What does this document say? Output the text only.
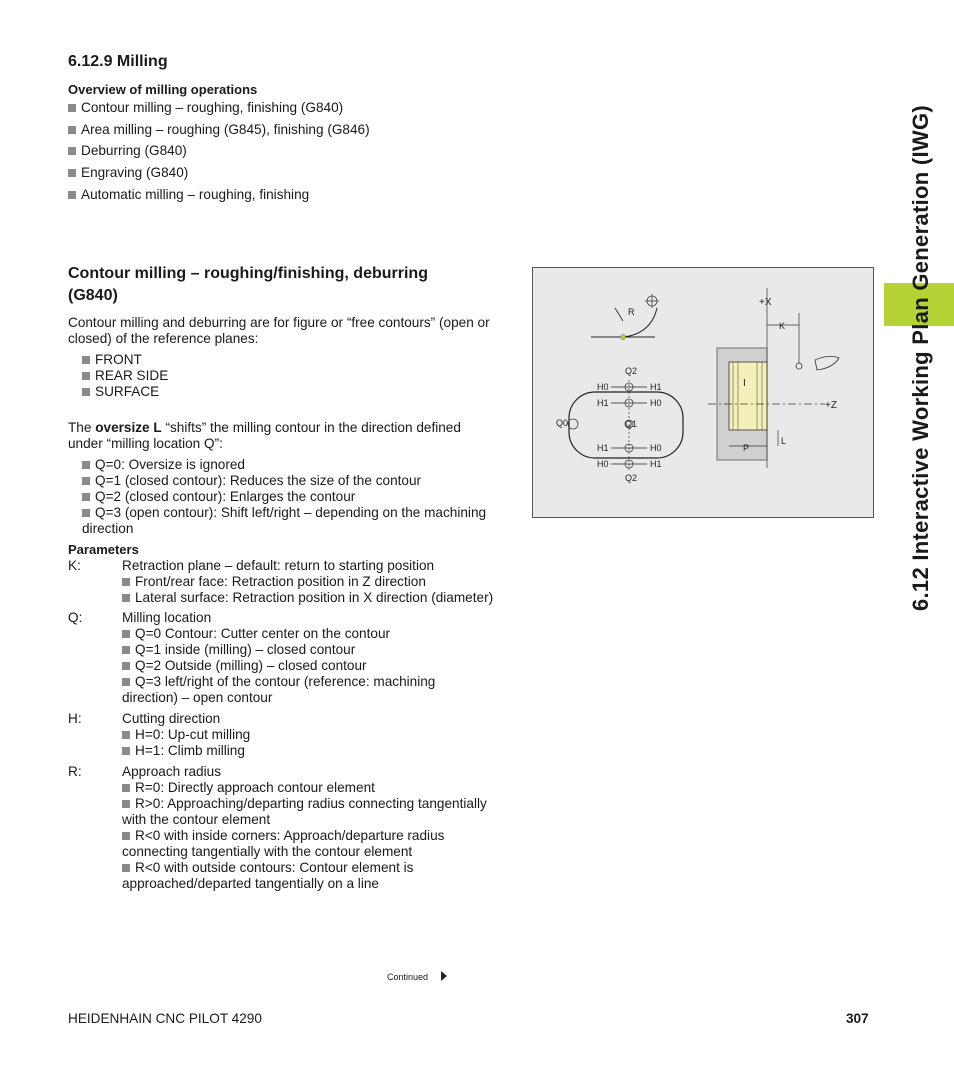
6.12.9 Milling
Overview of milling operations
Contour milling – roughing, finishing (G840)
Area milling – roughing (G845), finishing (G846)
Deburring (G840)
Engraving (G840)
Automatic milling – roughing, finishing
Contour milling – roughing/finishing, deburring
(G840)
Contour milling and deburring are for figure or “free contours” (open or
closed) of the reference planes:
FRONT
REAR SIDE
SURFACE
The oversize L “shifts” the milling contour in the direction defined
under “milling location Q”:
Q=0: Oversize is ignored
Q=1 (closed contour): Reduces the size of the contour
Q=2 (closed contour): Enlarges the contour
Q=3 (open contour): Shift left/right – depending on the machining
direction
Parameters
K:	Retraction plane – default: return to starting position
Front/rear face: Retraction position in Z direction
Lateral surface: Retraction position in X direction (diameter)
Q:	Milling location
Q=0 Contour: Cutter center on the contour
Q=1 inside (milling) – closed contour
Q=2 Outside (milling) – closed contour
Q=3 left/right of the contour (reference: machining
direction) – open contour
H:	Cutting direction
H=0: Up-cut milling
H=1: Climb milling
R:	Approach radius
R=0: Directly approach contour element
R>0: Approaching/departing radius connecting tangentially
with the contour element
R<0 with inside corners: Approach/departure radius
connecting tangentially with the contour element
R<0 with outside contours: Contour element is
approached/departed tangentially on a line
R
Q2
Q1
Q2
Q0
H0	H1
H1	H0
H1	H0
H0	H1
I
+Z
+X
K
P
L	6.12 Interactive Working Plan Generation (IWG)
Continued
HEIDENHAIN CNC PILOT 4290	307
